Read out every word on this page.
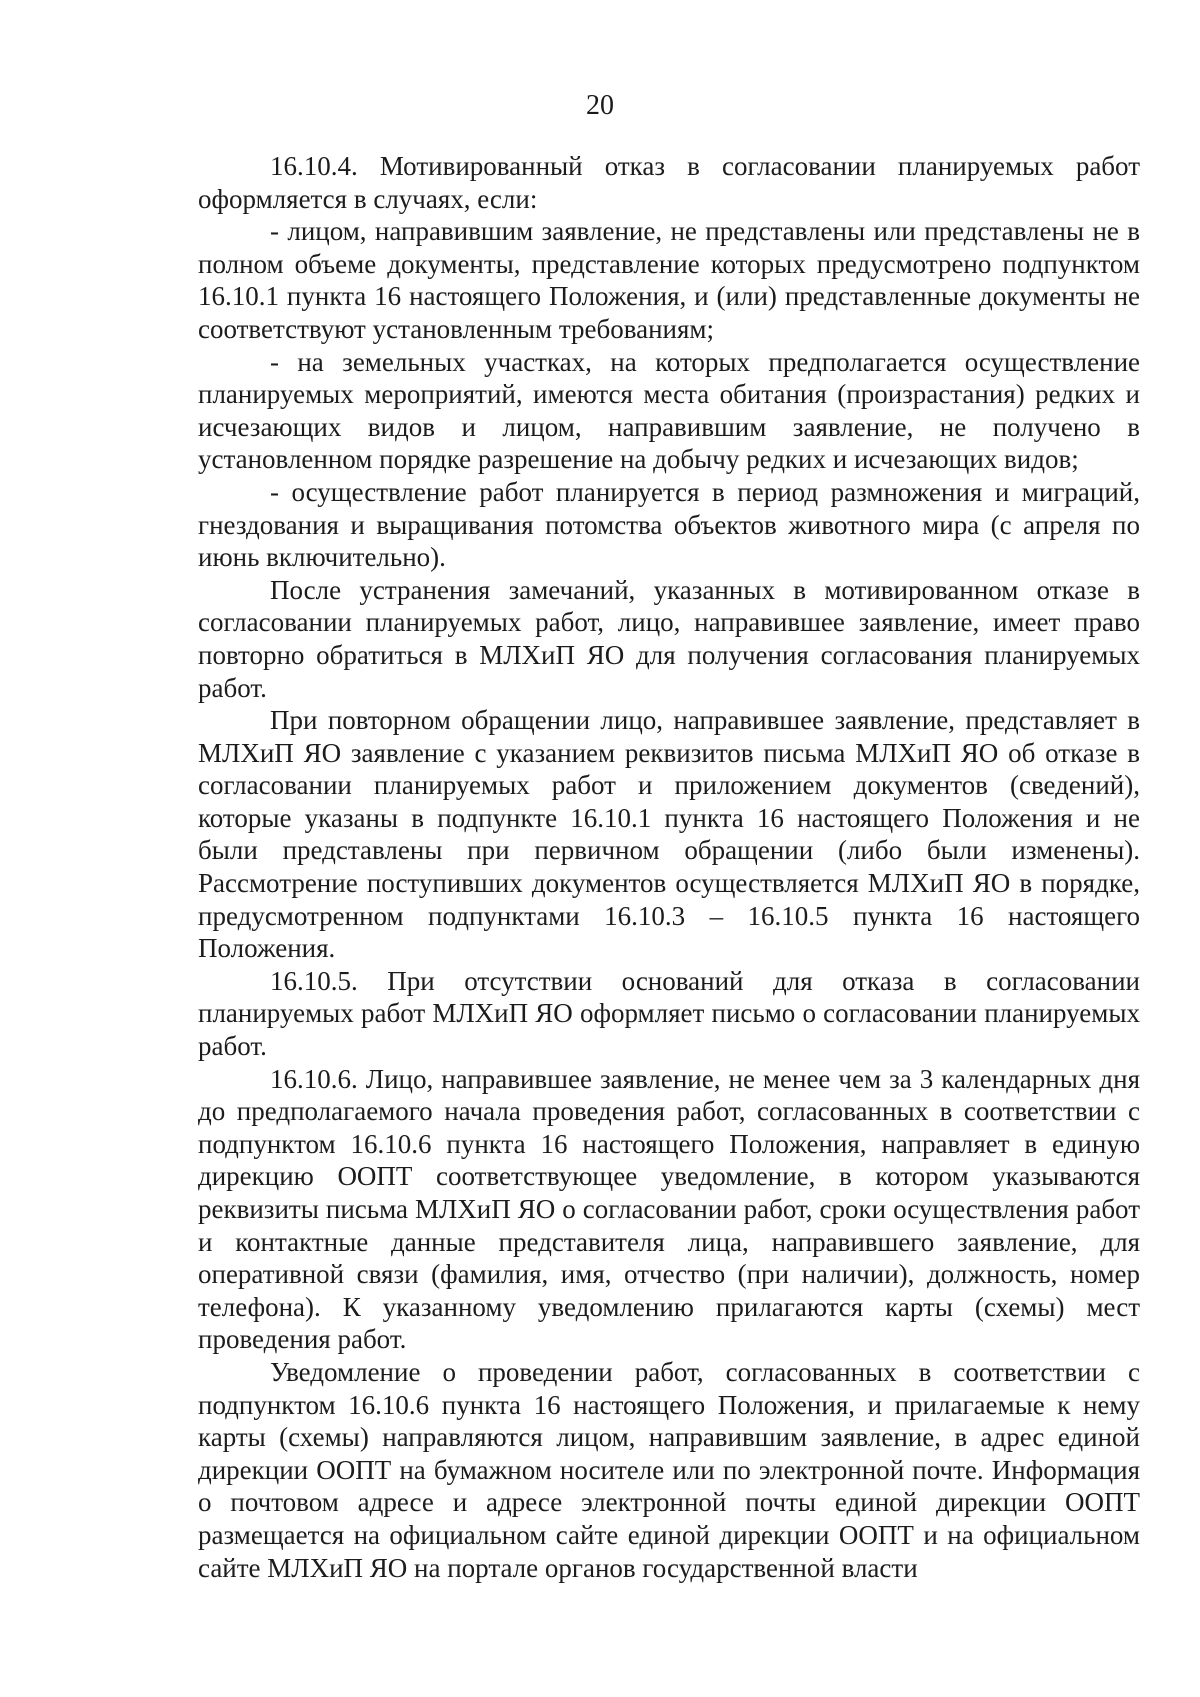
20

16.10.4. Мотивированный отказ в согласовании планируемых работ оформляется в случаях, если:

- лицом, направившим заявление, не представлены или представлены не в полном объеме документы, представление которых предусмотрено подпунктом 16.10.1 пункта 16 настоящего Положения, и (или) представленные документы не соответствуют установленным требованиям;

- на земельных участках, на которых предполагается осуществление планируемых мероприятий, имеются места обитания (произрастания) редких и исчезающих видов и лицом, направившим заявление, не получено в установленном порядке разрешение на добычу редких и исчезающих видов;

- осуществление работ планируется в период размножения и миграций, гнездования и выращивания потомства объектов животного мира (с апреля по июнь включительно).

После устранения замечаний, указанных в мотивированном отказе в согласовании планируемых работ, лицо, направившее заявление, имеет право повторно обратиться в МЛХиП ЯО для получения согласования планируемых работ.

При повторном обращении лицо, направившее заявление, представляет в МЛХиП ЯО заявление с указанием реквизитов письма МЛХиП ЯО об отказе в согласовании планируемых работ и приложением документов (сведений), которые указаны в подпункте 16.10.1 пункта 16 настоящего Положения и не были представлены при первичном обращении (либо были изменены). Рассмотрение поступивших документов осуществляется МЛХиП ЯО в порядке, предусмотренном подпунктами 16.10.3 – 16.10.5 пункта 16 настоящего Положения.

16.10.5. При отсутствии оснований для отказа в согласовании планируемых работ МЛХиП ЯО оформляет письмо о согласовании планируемых работ.

16.10.6. Лицо, направившее заявление, не менее чем за 3 календарных дня до предполагаемого начала проведения работ, согласованных в соответствии с подпунктом 16.10.6 пункта 16 настоящего Положения, направляет в единую дирекцию ООПТ соответствующее уведомление, в котором указываются реквизиты письма МЛХиП ЯО о согласовании работ, сроки осуществления работ и контактные данные представителя лица, направившего заявление, для оперативной связи (фамилия, имя, отчество (при наличии), должность, номер телефона). К указанному уведомлению прилагаются карты (схемы) мест проведения работ.

Уведомление о проведении работ, согласованных в соответствии с подпунктом 16.10.6 пункта 16 настоящего Положения, и прилагаемые к нему карты (схемы) направляются лицом, направившим заявление, в адрес единой дирекции ООПТ на бумажном носителе или по электронной почте. Информация о почтовом адресе и адресе электронной почты единой дирекции ООПТ размещается на официальном сайте единой дирекции ООПТ и на официальном сайте МЛХиП ЯО на портале органов государственной власти
